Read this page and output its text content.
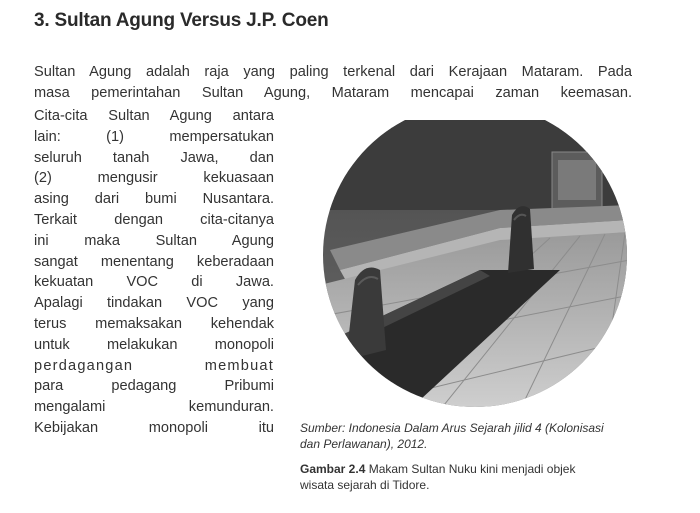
3. Sultan Agung Versus J.P. Coen
Sultan Agung adalah raja yang paling terkenal dari Kerajaan Mataram. Pada
masa pemerintahan Sultan Agung, Mataram mencapai zaman keemasan.
Cita-cita Sultan Agung antara
lain: (1) mempersatukan
seluruh tanah Jawa, dan
(2) mengusir kekuasaan
asing dari bumi Nusantara.
Terkait dengan cita-citanya
ini maka Sultan Agung
sangat menentang keberadaan
kekuatan VOC di Jawa.
Apalagi tindakan VOC yang
terus memaksakan kehendak
untuk melakukan monopoli
perdagangan membuat
para pedagang Pribumi
mengalami kemunduran.
Kebijakan monopoli itu Sumber: Indonesia Dalam Arus Sejarah jilid 4 (Kolonisasi
dan Perlawanan), 2012.
Gambar 2.4 Makam Sultan Nuku kini menjadi objek
wisata sejarah di Tidore.
